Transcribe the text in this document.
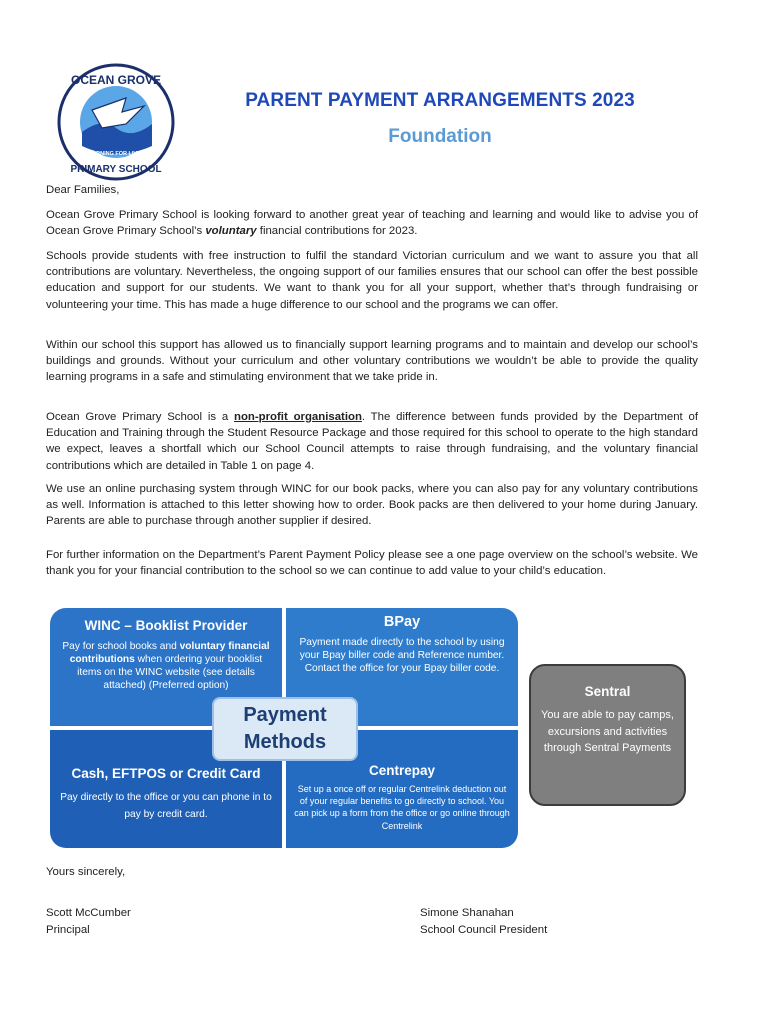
OCEAN GROVE
PRIMARY SCHOOL
LEARNING FOR LIVING
PARENT PAYMENT ARRANGEMENTS 2023
Foundation
Dear Families,

Ocean Grove Primary School is looking forward to another great year of teaching and learning and would like to advise you of Ocean Grove Primary School’s voluntary financial contributions for 2023.

Schools provide students with free instruction to fulfil the standard Victorian curriculum and we want to assure you that all contributions are voluntary. Nevertheless, the ongoing support of our families ensures that our school can offer the best possible education and support for our students. We want to thank you for all your support, whether that’s through fundraising or volunteering your time. This has made a huge difference to our school and the programs we can offer.

Within our school this support has allowed us to financially support learning programs and to maintain and develop our school’s buildings and grounds. Without your curriculum and other voluntary contributions we wouldn’t be able to provide the quality learning programs in a safe and stimulating environment that we take pride in.

Ocean Grove Primary School is a non-profit organisation. The difference between funds provided by the Department of Education and Training through the Student Resource Package and those required for this school to operate to the high standard we expect, leaves a shortfall which our School Council attempts to raise through fundraising, and the voluntary financial contributions which are detailed in Table 1 on page 4.

We use an online purchasing system through WINC for our book packs, where you can also pay for any voluntary contributions as well. Information is attached to this letter showing how to order. Book packs are then delivered to your home during January. Parents are able to purchase through another supplier if desired.

For further information on the Department’s Parent Payment Policy please see a one page overview on the school’s website. We thank you for your financial contribution to the school so we can continue to add value to your child’s education.

WINC – Booklist Provider
Pay for school books and voluntary financial contributions when ordering your booklist items on the WINC website (see details attached) (Preferred option)
BPay
Payment made directly to the school by using your Bpay biller code and Reference number. Contact the office for your Bpay biller code.
Cash, EFTPOS or Credit Card
Pay directly to the office or you can phone in to pay by credit card.
Centrepay
Set up a once off or regular Centrelink deduction out of your regular benefits to go directly to school. You can pick up a form from the office or go online through Centrelink
Payment
Methods
Sentral
You are able to pay camps, excursions and activities through Sentral Payments
Yours sincerely,
Scott McCumber
Principal
Simone Shanahan
School Council President
